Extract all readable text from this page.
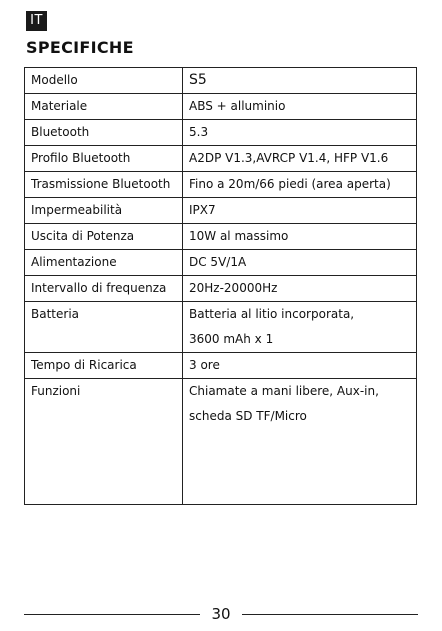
IT
SPECIFICHE
Modello	S5
Materiale	ABS + alluminio
Bluetooth	5.3
Profilo Bluetooth	A2DP V1.3,AVRCP V1.4, HFP V1.6
Trasmissione Bluetooth	Fino a 20m/66 piedi (area aperta)
Impermeabilità	IPX7
Uscita di Potenza	10W al massimo
Alimentazione	DC 5V/1A
Intervallo di frequenza	20Hz-20000Hz
Batteria	Batteria al litio incorporata,
3600 mAh x 1

Tempo di Ricarica	3 ore
Funzioni	Chiamate a mani libere, Aux-in,
scheda SD TF/Micro
30
